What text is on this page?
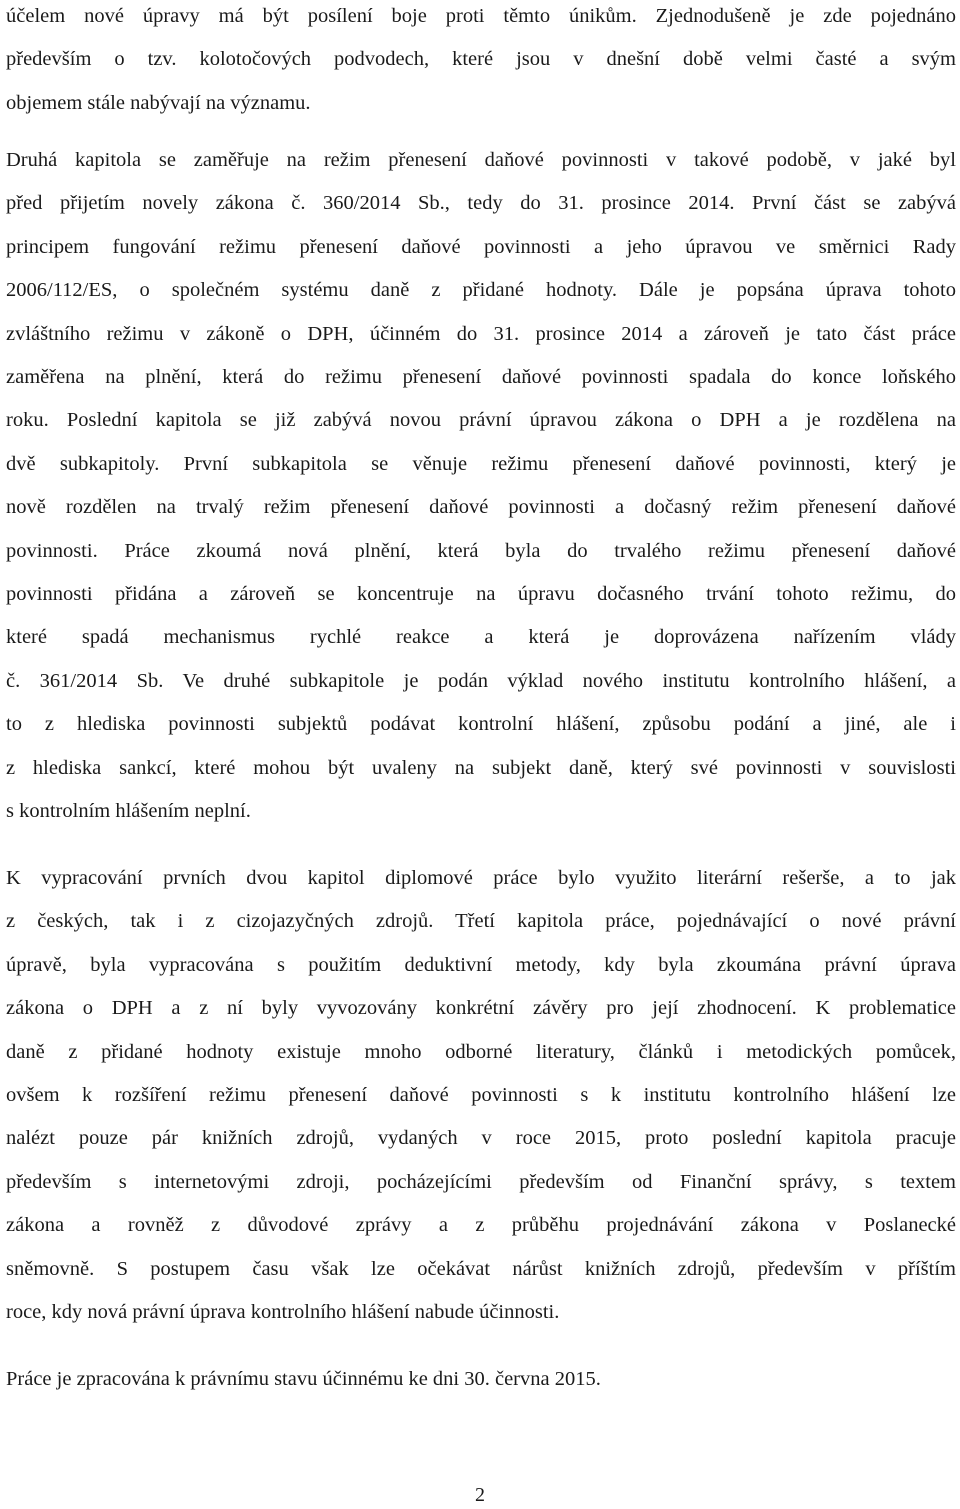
účelem nové úpravy má být posílení boje proti těmto únikům. Zjednodušeně je zde pojednáno
především o tzv. kolotočových podvodech, které jsou v dnešní době velmi časté a svým
objemem stále nabývají na významu.

Druhá kapitola se zaměřuje na režim přenesení daňové povinnosti v takové podobě, v jaké byl
před přijetím novely zákona č. 360/2014 Sb., tedy do 31. prosince 2014. První část se zabývá
principem fungování režimu přenesení daňové povinnosti a jeho úpravou ve směrnici Rady
2006/112/ES, o společném systému daně z přidané hodnoty. Dále je popsána úprava tohoto
zvláštního režimu v zákoně o DPH, účinném do 31. prosince 2014 a zároveň je tato část práce
zaměřena na plnění, která do režimu přenesení daňové povinnosti spadala do konce loňského
roku. Poslední kapitola se již zabývá novou právní úpravou zákona o DPH a je rozdělena na
dvě subkapitoly. První subkapitola se věnuje režimu přenesení daňové povinnosti, který je
nově rozdělen na trvalý režim přenesení daňové povinnosti a dočasný režim přenesení daňové
povinnosti. Práce zkoumá nová plnění, která byla do trvalého režimu přenesení daňové
povinnosti přidána a zároveň se koncentruje na úpravu dočasného trvání tohoto režimu, do
které spadá mechanismus rychlé reakce a která je doprovázena nařízením vlády
č. 361/2014 Sb. Ve druhé subkapitole je podán výklad nového institutu kontrolního hlášení, a
to z hlediska povinnosti subjektů podávat kontrolní hlášení, způsobu podání a jiné, ale i
z hlediska sankcí, které mohou být uvaleny na subjekt daně, který své povinnosti v souvislosti
s kontrolním hlášením neplní.

K vypracování prvních dvou kapitol diplomové práce bylo využito literární rešerše, a to jak
z českých, tak i z cizojazyčných zdrojů. Třetí kapitola práce, pojednávající o nové právní
úpravě, byla vypracována s použitím deduktivní metody, kdy byla zkoumána právní úprava
zákona o DPH a z ní byly vyvozovány konkrétní závěry pro její zhodnocení. K problematice
daně z přidané hodnoty existuje mnoho odborné literatury, článků i metodických pomůcek,
ovšem k rozšíření režimu přenesení daňové povinnosti s k institutu kontrolního hlášení lze
nalézt pouze pár knižních zdrojů, vydaných v roce 2015, proto poslední kapitola pracuje
především s internetovými zdroji, pocházejícími především od Finanční správy, s textem
zákona a rovněž z důvodové zprávy a z průběhu projednávání zákona v Poslanecké
sněmovně. S postupem času však lze očekávat nárůst knižních zdrojů, především v příštím
roce, kdy nová právní úprava kontrolního hlášení nabude účinnosti.

Práce je zpracována k právnímu stavu účinnému ke dni 30. června 2015.

2
